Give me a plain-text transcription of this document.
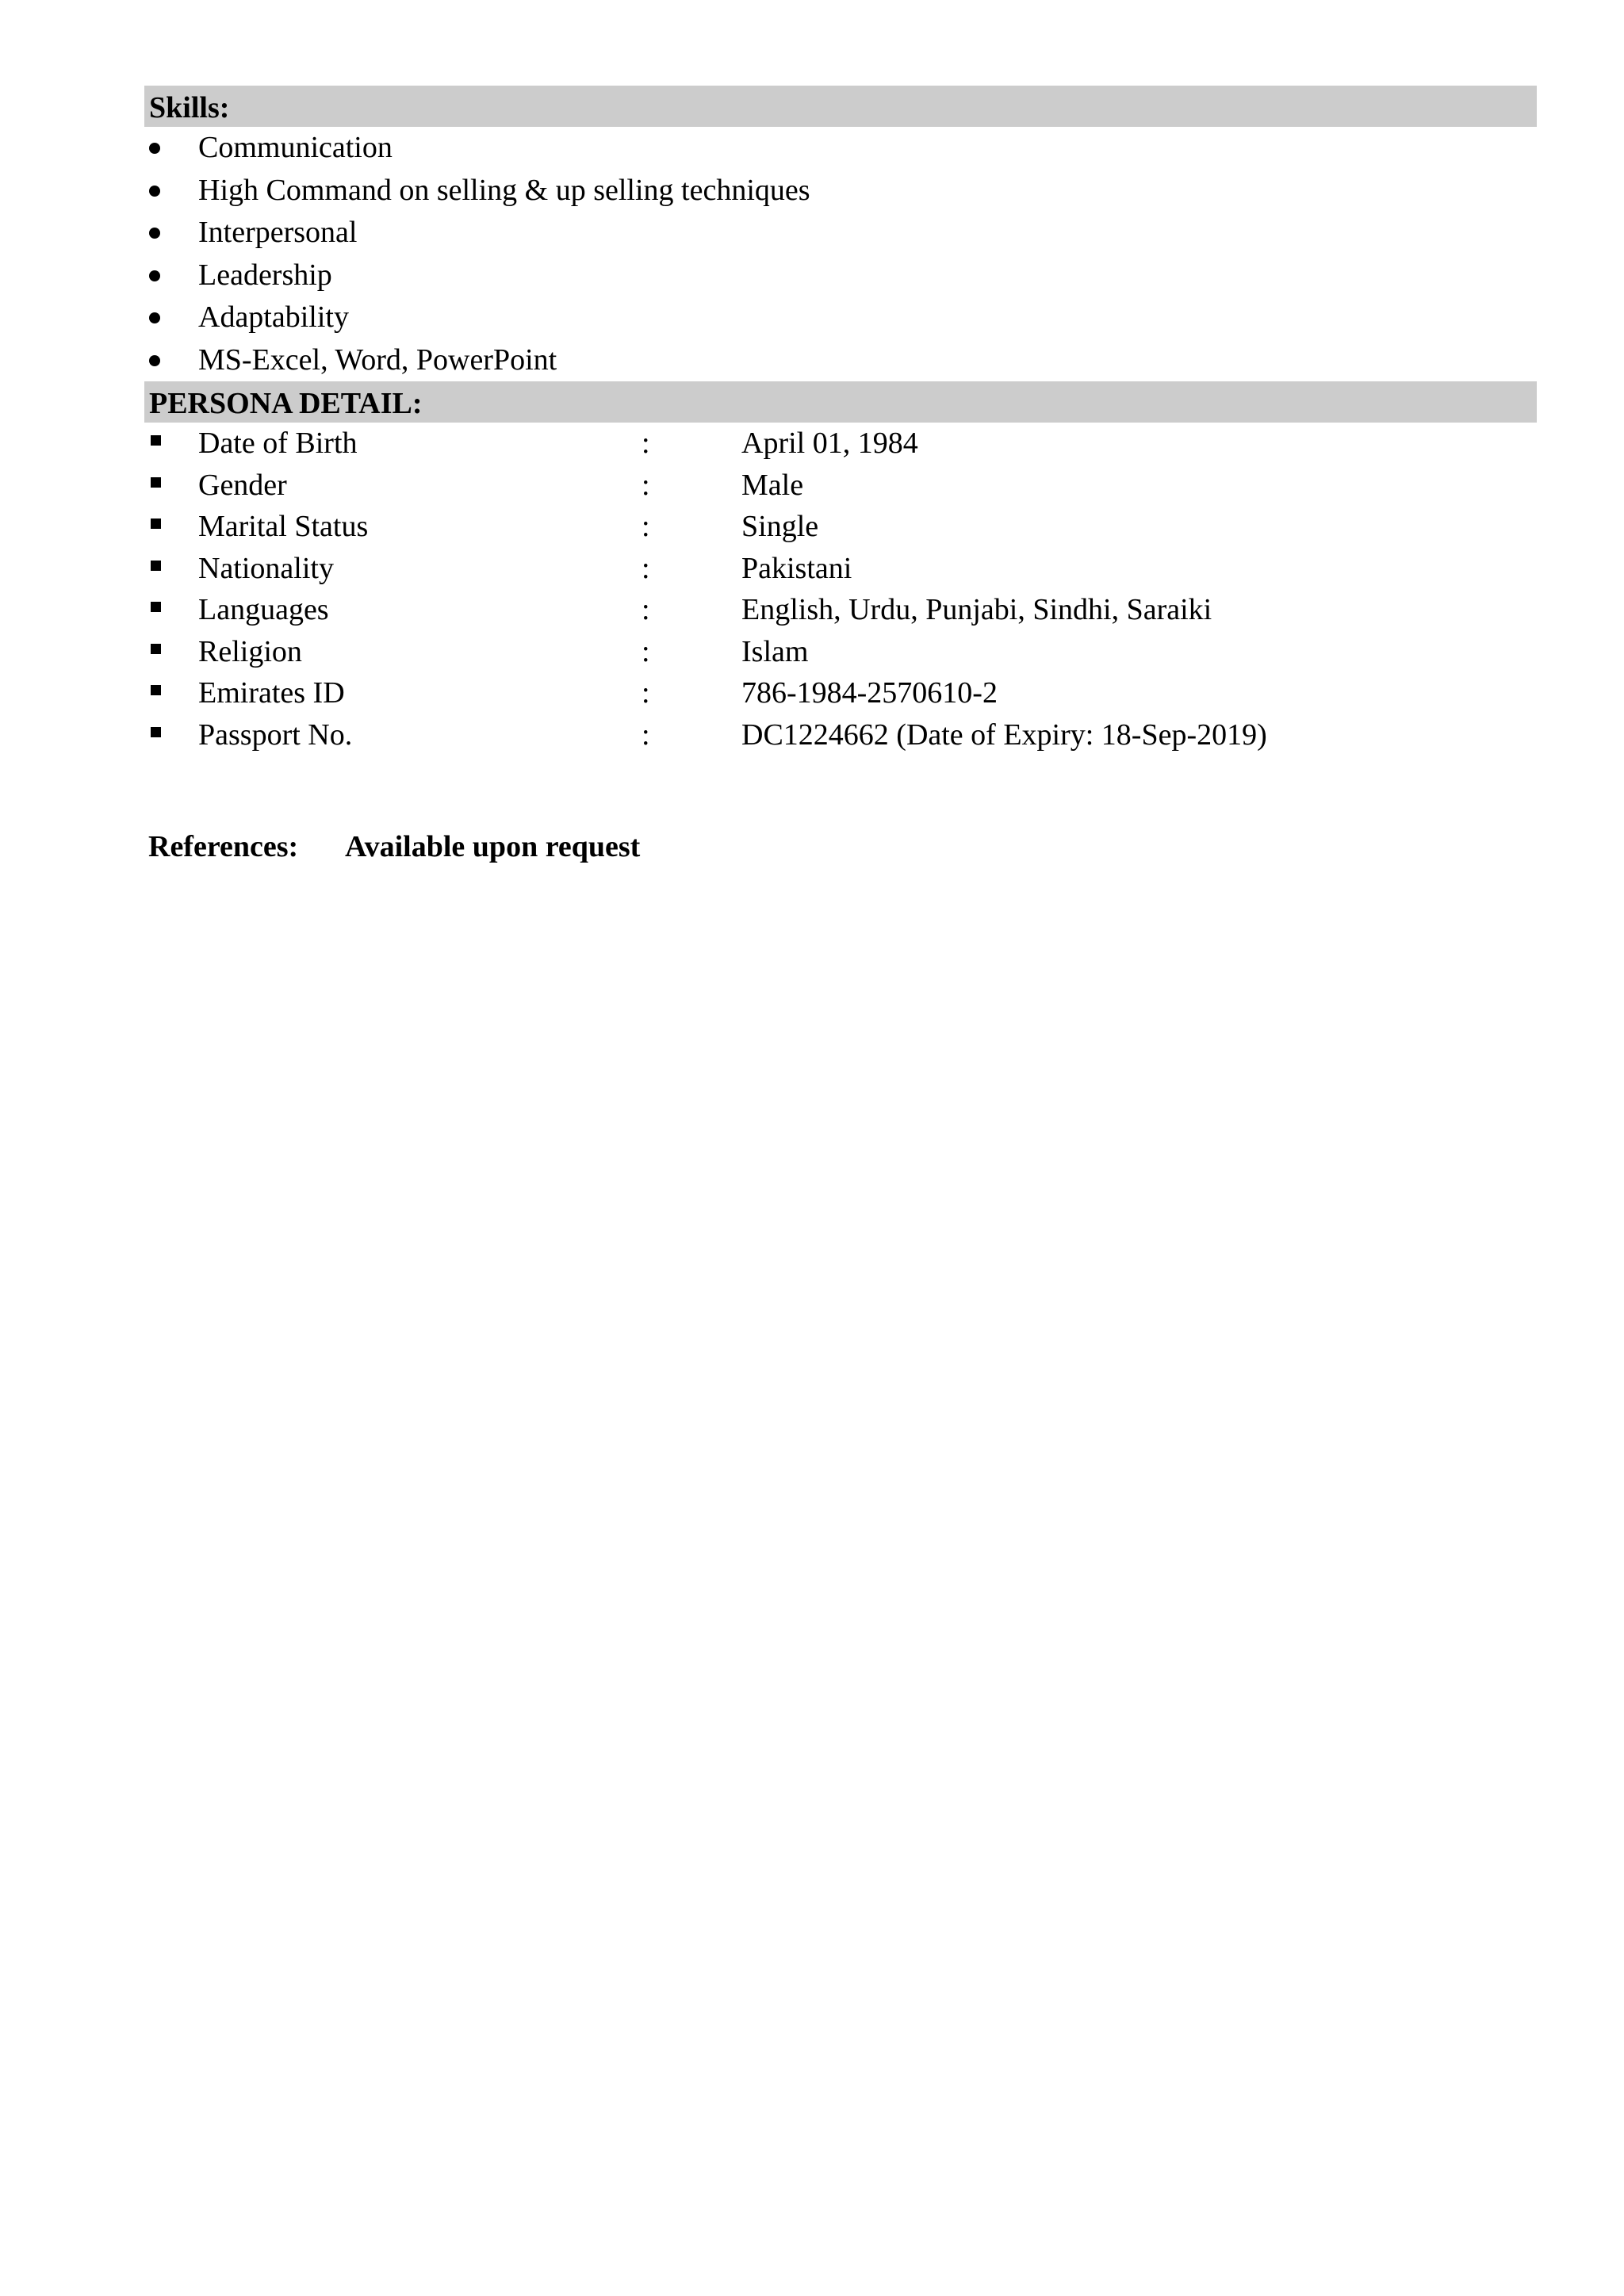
Skills:
Communication
High Command on selling & up selling techniques
Interpersonal
Leadership
Adaptability
MS-Excel, Word, PowerPoint
PERSONA DETAIL:
Date of Birth	:	April 01, 1984
Gender	:	Male
Marital Status	:	Single
Nationality	:	Pakistani
Languages	:	English, Urdu, Punjabi, Sindhi, Saraiki
Religion	:	Islam
Emirates ID	:	786-1984-2570610-2
Passport No.	:	DC1224662 (Date of Expiry: 18-Sep-2019)
References: Available upon request
